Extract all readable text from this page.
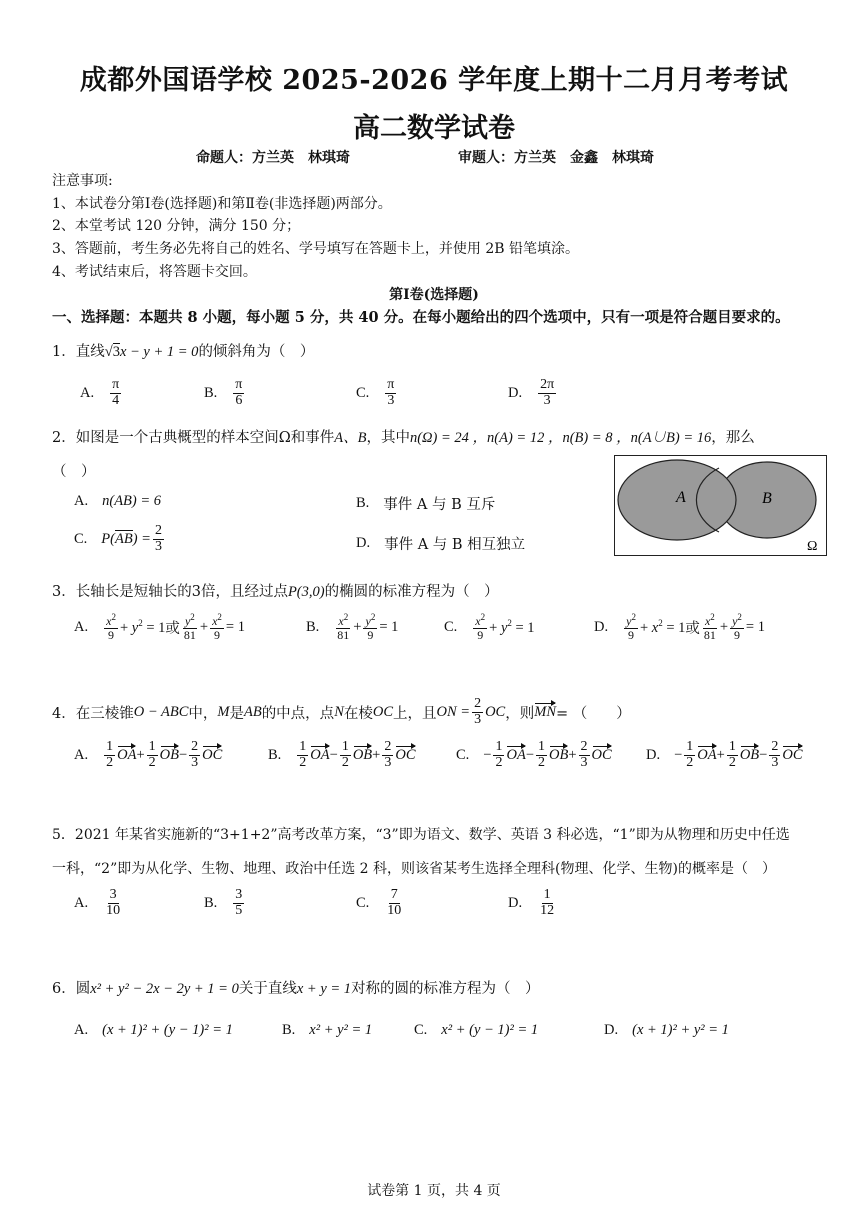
成都外国语学校 2025-2026 学年度上期十二月月考考试
高二数学试卷
命题人：方兰英　林琪琦	审题人：方兰英　金鑫　林琪琦
注意事项:
1、本试卷分第Ⅰ卷(选择题)和第Ⅱ卷(非选择题)两部分。
2、本堂考试 120 分钟，满分 150 分；
3、答题前，考生务必先将自己的姓名、学号填写在答题卡上，并使用 2B 铅笔填涂。
4、考试结束后，将答题卡交回。
第Ⅰ卷(选择题)
一、选择题：本题共 8 小题，每小题 5 分，共 40 分。在每小题给出的四个选项中，只有一项是符合题目要求的。
1．直线√3x − y + 1 = 0的倾斜角为（　）
A. $\frac{\pi}{4}$	B. $\frac{\pi}{6}$	C. $\frac{\pi}{3}$	D. $\frac{2\pi}{3}$
2．如图是一个古典概型的样本空间Ω和事件A、B，其中n(Ω) = 24 ，n(A) = 12 ，n(B) = 8 ，n(A∪B) = 16，那么
（　）
A. n(AB) = 6	B. 事件 A 与 B 互斥
C. P( AB ) = $\frac{2}{3}$	D. 事件 A 与 B 相互独立
A	B
Ω
3．长轴长是短轴长的3倍，且经过点P(3,0)的椭圆的标准方程为（　）
A. $\frac{x^2}{9} + y^2 = 1$ 或 $\frac{y^2}{81} + \frac{x^2}{9} = 1$	B. $\frac{x^2}{81} + \frac{y^2}{9} = 1$	C. $\frac{x^2}{9} + y^2 = 1$	D. $\frac{y^2}{9} + x^2 = 1$ 或 $\frac{x^2}{81} + \frac{y^2}{9} = 1$
4．在三棱锥 O − ABC 中， M 是 AB 的中点，点 N 在棱 OC 上，且 ON = $\frac{2}{3}$ OC ，则 MN = （　　）
A. $\frac{1}{2}$ OA + $\frac{1}{2}$ OB − $\frac{2}{3}$ OC	B. $\frac{1}{2}$ OA − $\frac{1}{2}$ OB + $\frac{2}{3}$ OC	C. − $\frac{1}{2}$ OA − $\frac{1}{2}$ OB + $\frac{2}{3}$ OC D. − $\frac{1}{2}$ OA + $\frac{1}{2}$ OB − $\frac{2}{3}$ OC
5．2021 年某省实施新的“3+1+2”高考改革方案，“3”即为语文、数学、英语 3 科必选，“1”即为从物理和历史中任选
一科，“2”即为从化学、生物、地理、政治中任选 2 科，则该省某考生选择全理科(物理、化学、生物)的概率是（　）
A. $\frac{3}{10}$	B. $\frac{3}{5}$	C. $\frac{7}{10}$	D. $\frac{1}{12}$
6．圆x² + y² − 2x − 2y + 1 = 0关于直线x + y = 1对称的圆的标准方程为（　）
A. (x + 1)² + (y − 1)² = 1	B. x² + y² = 1	C. x² + (y − 1)² = 1	D. (x + 1)² + y² = 1
试卷第 1 页，共 4 页
